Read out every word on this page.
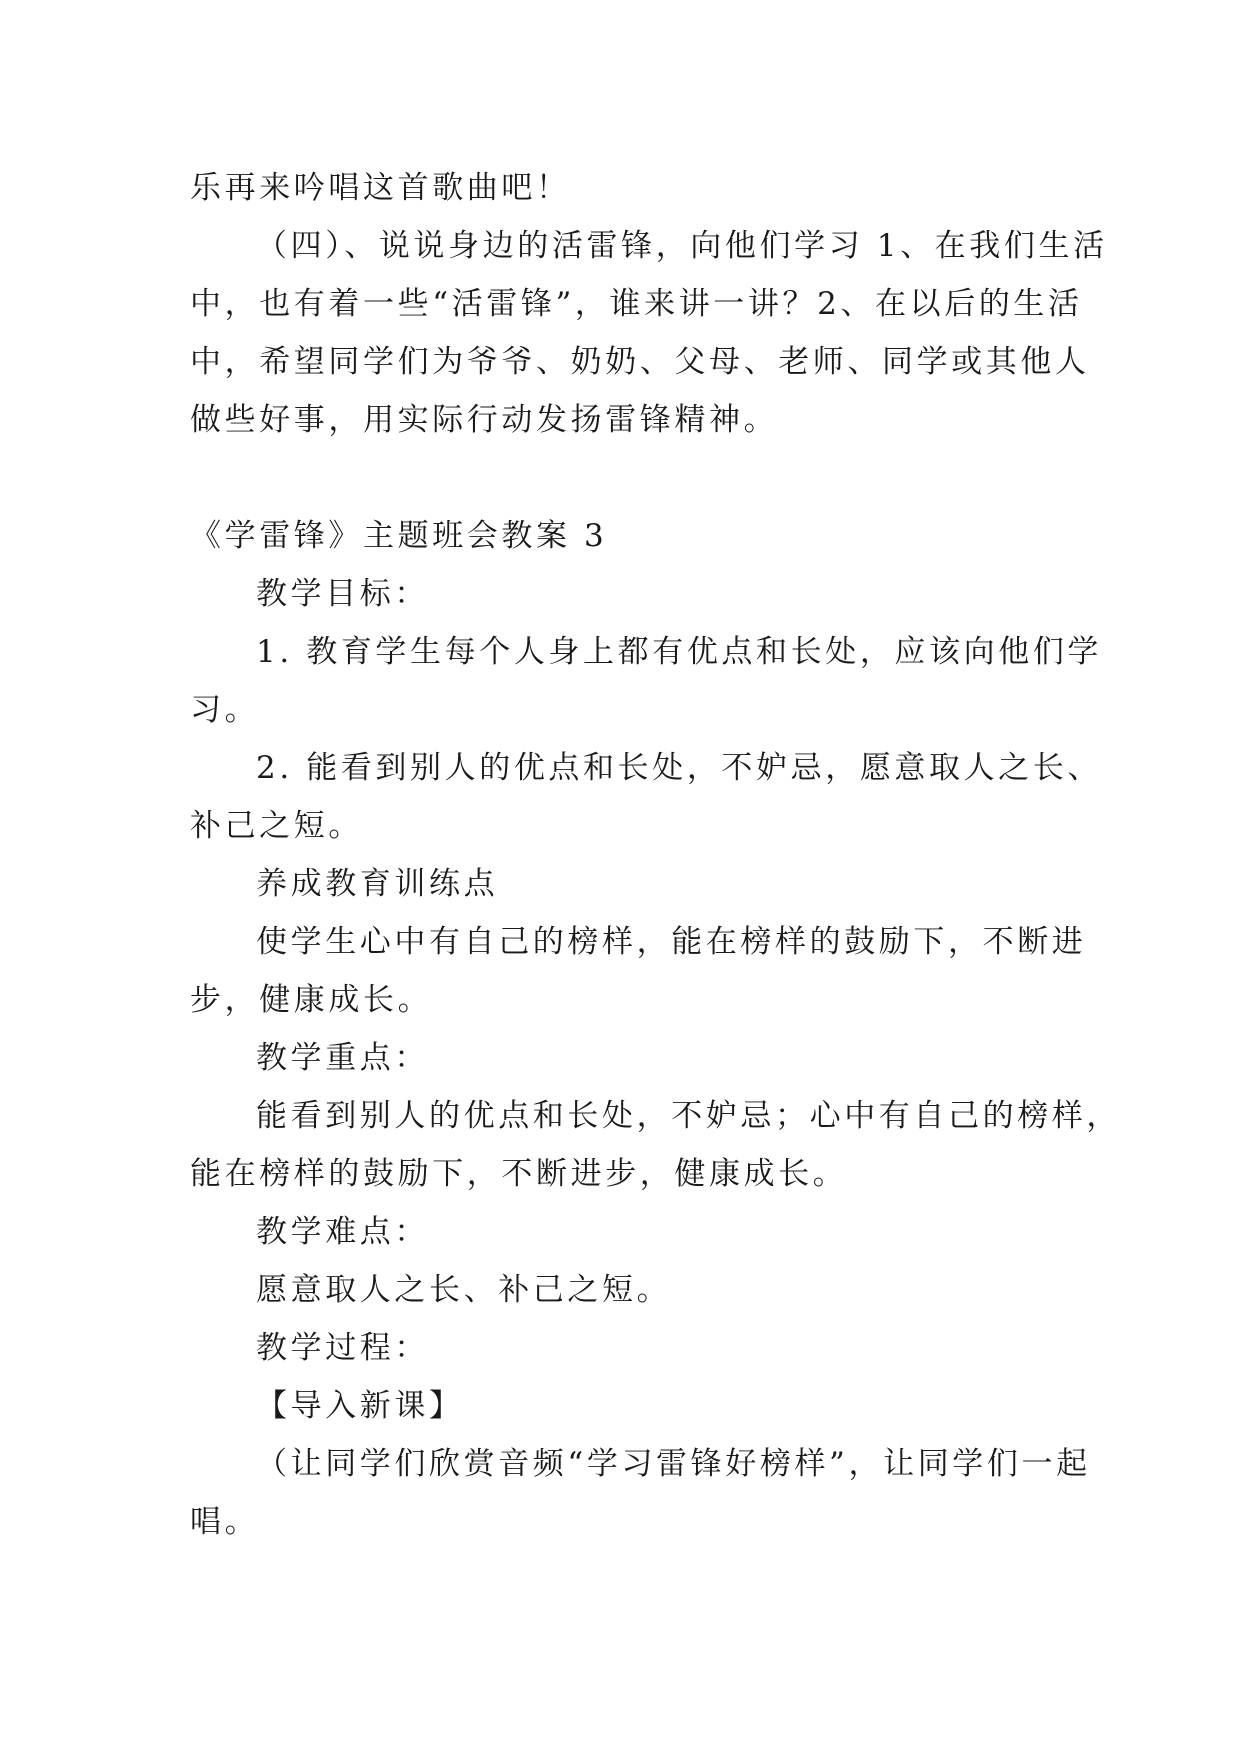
乐再来吟唱这首歌曲吧！
（四）、说说身边的活雷锋，向他们学习 1、在我们生活
中，也有着一些“活雷锋”，谁来讲一讲？2、在以后的生活
中，希望同学们为爷爷、奶奶、父母、老师、同学或其他人
做些好事，用实际行动发扬雷锋精神。
《学雷锋》主题班会教案 3
教学目标：
1. 教育学生每个人身上都有优点和长处，应该向他们学
习。
2. 能看到别人的优点和长处，不妒忌，愿意取人之长、
补己之短。
养成教育训练点
使学生心中有自己的榜样，能在榜样的鼓励下，不断进
步，健康成长。
教学重点：
能看到别人的优点和长处，不妒忌；心中有自己的榜样，
能在榜样的鼓励下，不断进步，健康成长。
教学难点：
愿意取人之长、补己之短。
教学过程：
【导入新课】
（让同学们欣赏音频“学习雷锋好榜样”，让同学们一起
唱。
